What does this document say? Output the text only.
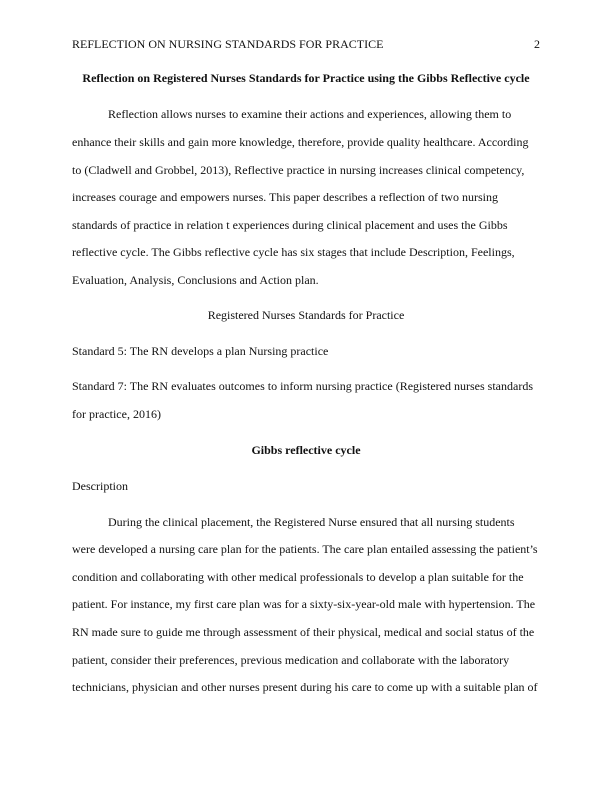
REFLECTION ON NURSING STANDARDS FOR PRACTICE	2
Reflection on Registered Nurses Standards for Practice using the Gibbs Reflective cycle
Reflection allows nurses to examine their actions and experiences, allowing them to
enhance their skills and gain more knowledge, therefore, provide quality healthcare. According
to (Cladwell and Grobbel, 2013), Reflective practice in nursing increases clinical competency,
increases courage and empowers nurses. This paper describes a reflection of two nursing
standards of practice in relation t experiences during clinical placement and uses the Gibbs
reflective cycle. The Gibbs reflective cycle has six stages that include Description, Feelings,
Evaluation, Analysis, Conclusions and Action plan.
Registered Nurses Standards for Practice
Standard 5: The RN develops a plan Nursing practice
Standard 7: The RN evaluates outcomes to inform nursing practice (Registered nurses standards
for practice, 2016)
Gibbs reflective cycle
Description
During the clinical placement, the Registered Nurse ensured that all nursing students
were developed a nursing care plan for the patients. The care plan entailed assessing the patient’s
condition and collaborating with other medical professionals to develop a plan suitable for the
patient. For instance, my first care plan was for a sixty-six-year-old male with hypertension. The
RN made sure to guide me through assessment of their physical, medical and social status of the
patient, consider their preferences, previous medication and collaborate with the laboratory
technicians, physician and other nurses present during his care to come up with a suitable plan of
